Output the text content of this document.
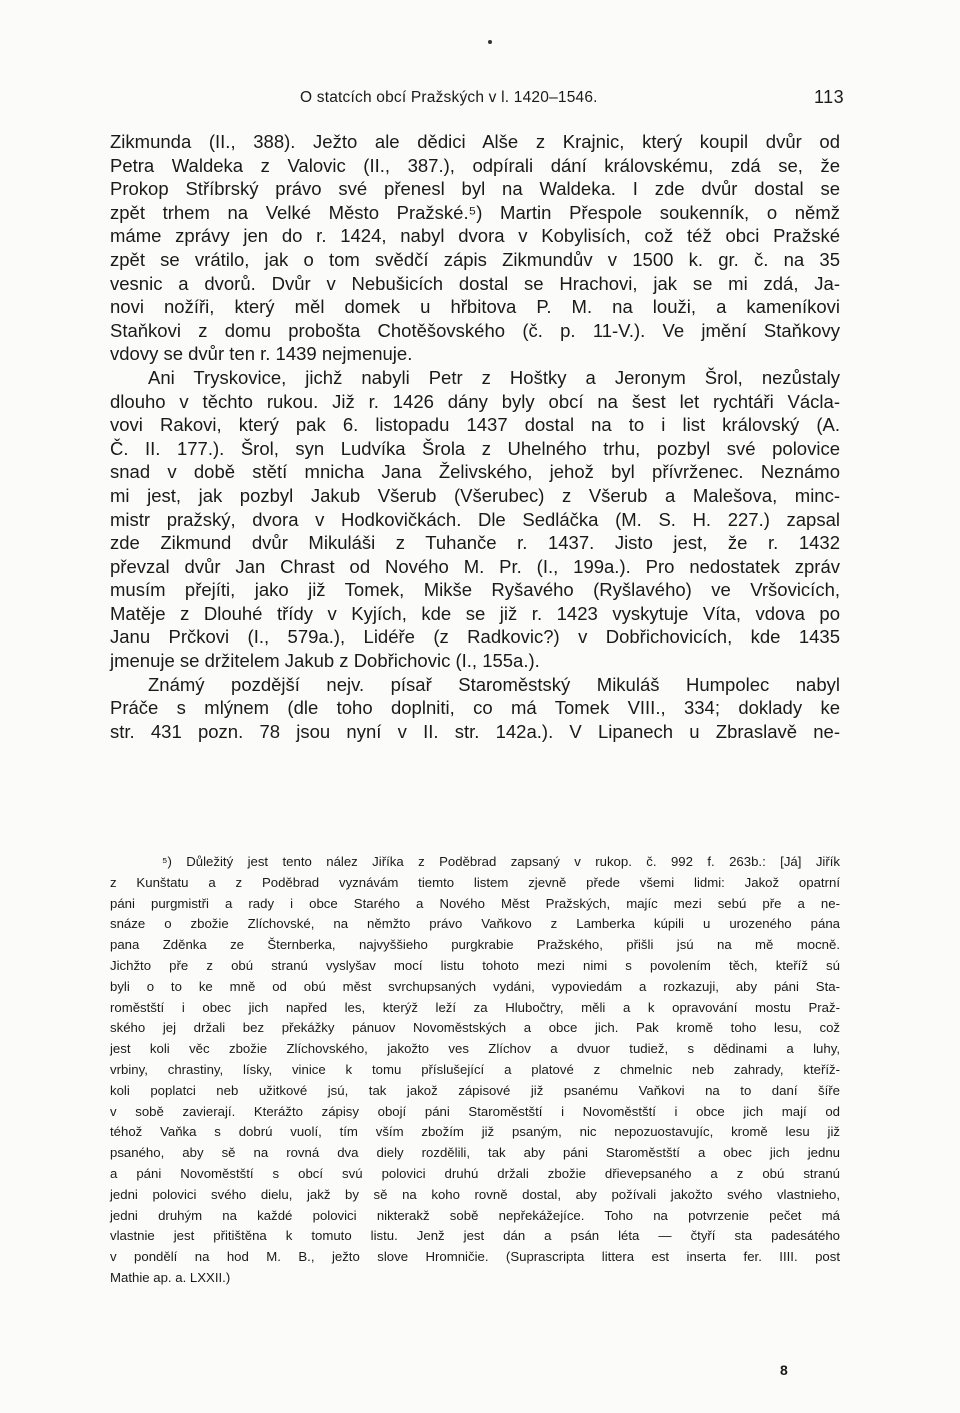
O statcích obcí Pražských v l. 1420–1546.	113

Zikmunda (II., 388). Ježto ale dědici Alše z Krajnic, který koupil dvůr od
Petra Waldeka z Valovic (II., 387.), odpírali dání královskému, zdá se, že
Prokop Stříbrský právo své přenesl byl na Waldeka. I zde dvůr dostal se
zpět trhem na Velké Město Pražské.⁵) Martin Přespole soukenník, o němž
máme zprávy jen do r. 1424, nabyl dvora v Kobylisích, což též obci Pražské
zpět se vrátilo, jak o tom svědčí zápis Zikmundův v 1500 k. gr. č. na 35
vesnic a dvorů. Dvůr v Nebušicích dostal se Hrachovi, jak se mi zdá, Ja-
novi nožíři, který měl domek u hřbitova P. M. na louži, a kameníkovi
Staňkovi z domu probošta Chotěšovského (č. p. 11-V.). Ve jmění Staňkovy
vdovy se dvůr ten r. 1439 nejmenuje.

Ani Tryskovice, jichž nabyli Petr z Hoštky a Jeronym Šrol, nezůstaly
dlouho v těchto rukou. Již r. 1426 dány byly obcí na šest let rychtáři Václa-
vovi Rakovi, který pak 6. listopadu 1437 dostal na to i list královský (A.
Č. II. 177.). Šrol, syn Ludvíka Šrola z Uhelného trhu, pozbyl své polovice
snad v době stětí mnicha Jana Želivského, jehož byl přívrženec. Neznámo
mi jest, jak pozbyl Jakub Všerub (Všerubec) z Všerub a Malešova, minc-
mistr pražský, dvora v Hodkovičkách. Dle Sedláčka (M. S. H. 227.) zapsal
zde Zikmund dvůr Mikuláši z Tuhanče r. 1437. Jisto jest, že r. 1432
převzal dvůr Jan Chrast od Nového M. Pr. (I., 199a.). Pro nedostatek zpráv
musím přejíti, jako již Tomek, Mikše Ryšavého (Ryšlavého) ve Vršovicích,
Matěje z Dlouhé třídy v Kyjích, kde se již r. 1423 vyskytuje Víta, vdova po
Janu Prčkovi (I., 579a.), Lidéře (z Radkovic?) v Dobřichovicích, kde 1435
jmenuje se držitelem Jakub z Dobřichovic (I., 155a.).

Známý pozdější nejv. písař Staroměstský Mikuláš Humpolec nabyl
Práče s mlýnem (dle toho doplniti, co má Tomek VIII., 334; doklady ke
str. 431 pozn. 78 jsou nyní v II. str. 142a.). V Lipanech u Zbraslavě ne-

⁵) Důležitý jest tento nález Jiříka z Poděbrad zapsaný v rukop. č. 992 f. 263b.: [Já] Jiřík
z Kunštatu a z Poděbrad vyznávám tiemto listem zjevně přede všemi lidmi: Jakož opatrní
páni purgmistři a rady i obce Starého a Nového Měst Pražských, majíc mezi sebú pře a ne-
snáze o zbožie Zlíchovské, na němžto právo Vaňkovo z Lamberka kúpili u urozeného pána
pana Zděnka ze Šternberka, najvyššieho purgkrabie Pražského, přišli jsú na mě mocně.
Jichžto pře z obú stranú vyslyšav mocí listu tohoto mezi nimi s povolením těch, kteříž sú
byli o to ke mně od obú měst svrchupsaných vydáni, vypoviedám a rozkazuji, aby páni Sta-
roměstští i obec jich napřed les, kterýž leží za Hlubočtry, měli a k opravování mostu Praž-
ského jej držali bez překážky pánuov Novoměstských a obce jich. Pak kromě toho lesu, což
jest koli věc zbožie Zlíchovského, jakožto ves Zlíchov a dvuor tudiež, s dědinami a luhy,
vrbiny, chrastiny, lísky, vinice k tomu příslušející a platové z chmelnic neb zahrady, kteříž-
koli poplatci neb užitkové jsú, tak jakož zápisové již psanému Vaňkovi na to daní šíře
v sobě zavierají. Kterážto zápisy obojí páni Staroměstští i Novoměstští i obce jich mají od
téhož Vaňka s dobrú vuolí, tím vším zbožím již psaným, nic nepozuostavujíc, kromě lesu již
psaného, aby sě na rovná dva diely rozdělili, tak aby páni Staroměstští a obec jich jednu
a páni Novoměstští s obcí svú polovici druhú držali zbožie dřievepsaného a z obú stranú
jedni polovici svého dielu, jakž by sě na koho rovně dostal, aby požívali jakožto svého vlastnieho,
jedni druhým na každé polovici nikterakž sobě nepřekážejíce. Toho na potvrzenie pečet má
vlastnie jest přitištěna k tomuto listu. Jenž jest dán a psán léta — čtyří sta padesátého
v pondělí na hod M. B., ježto slove Hromničie. (Suprascripta littera est inserta fer. IIII. post
Mathie ap. a. LXXII.)
8
